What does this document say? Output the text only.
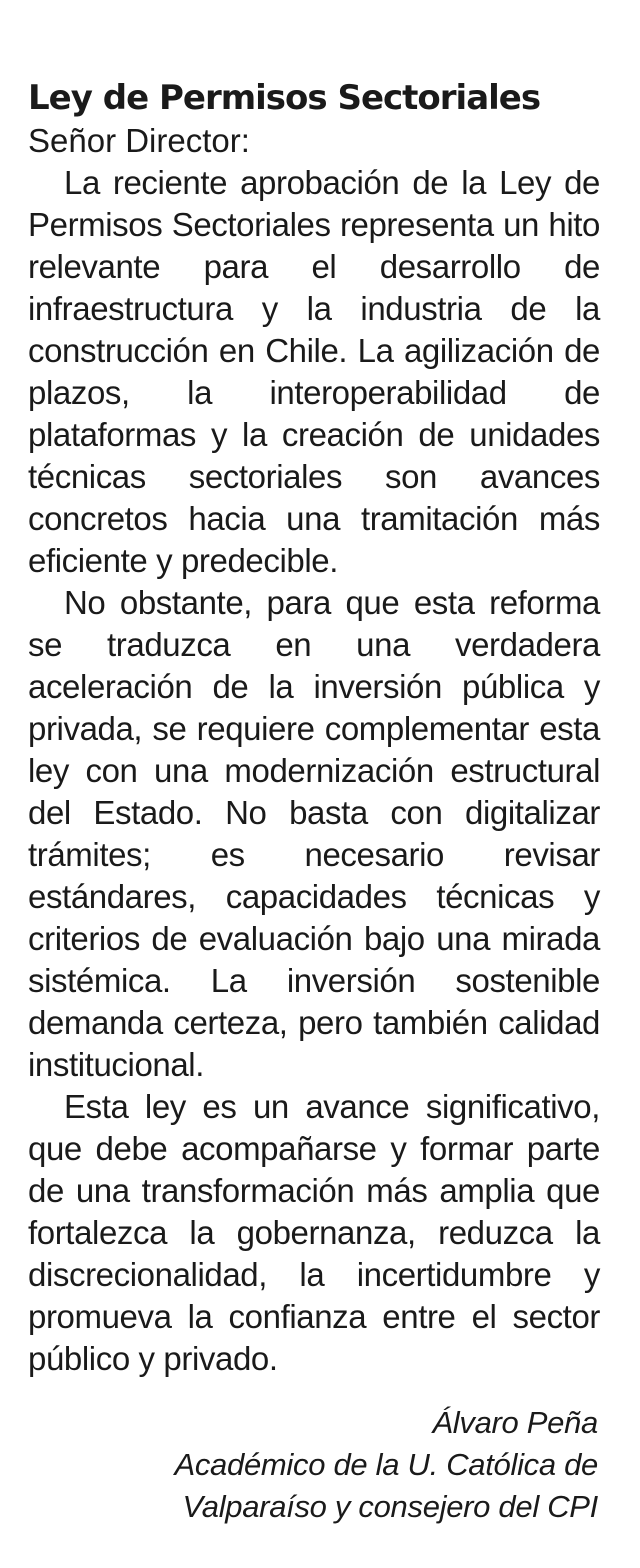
Ley de Permisos Sectoriales

Señor Director:

La reciente aprobación de la Ley de Permisos Sectoriales representa un hito relevante para el desarrollo de infraestructura y la industria de la construcción en Chile. La agilización de plazos, la interoperabilidad de plataformas y la creación de unidades técnicas sectoriales son avances concretos hacia una tramitación más eficiente y predecible.

No obstante, para que esta reforma se traduzca en una verdadera aceleración de la inversión pública y privada, se requiere complementar esta ley con una modernización estructural del Estado. No basta con digitalizar trámites; es necesario revisar estándares, capacidades técnicas y criterios de evaluación bajo una mirada sistémica. La inversión sostenible demanda certeza, pero también calidad institucional.

Esta ley es un avance significativo, que debe acompañarse y formar parte de una transformación más amplia que fortalezca la gobernanza, reduzca la discrecionalidad, la incertidumbre y promueva la confianza entre el sector público y privado.

Álvaro Peña
Académico de la U. Católica de
Valparaíso y consejero del CPI
